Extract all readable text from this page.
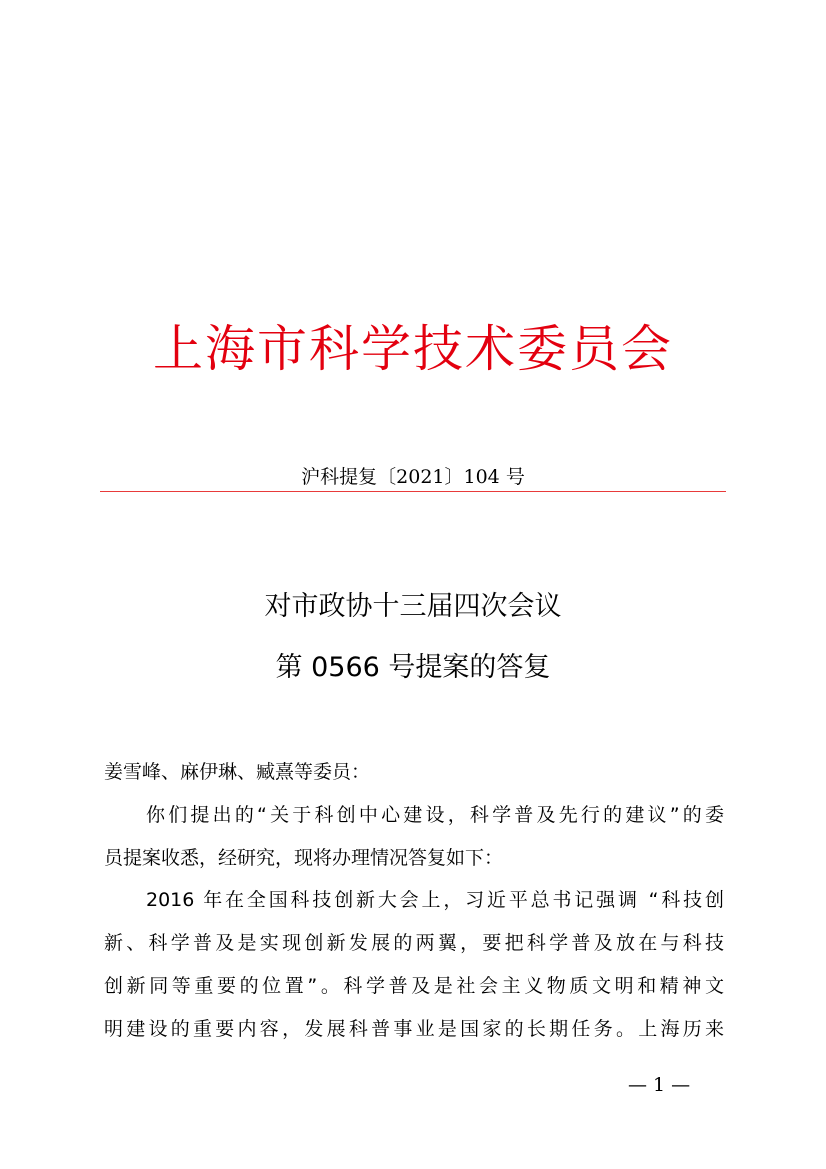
上海市科学技术委员会
沪科提复〔2021〕104 号
对市政协十三届四次会议
第 0566 号提案的答复
姜雪峰、麻伊琳、臧熹等委员：
你们提出的“关于科创中心建设，科学普及先行的建议”的委
员提案收悉，经研究，现将办理情况答复如下：
2016 年在全国科技创新大会上，习近平总书记强调 “科技创
新、科学普及是实现创新发展的两翼，要把科学普及放在与科技
创新同等重要的位置”。科学普及是社会主义物质文明和精神文
明建设的重要内容，发展科普事业是国家的长期任务。上海历来
— 1 —
